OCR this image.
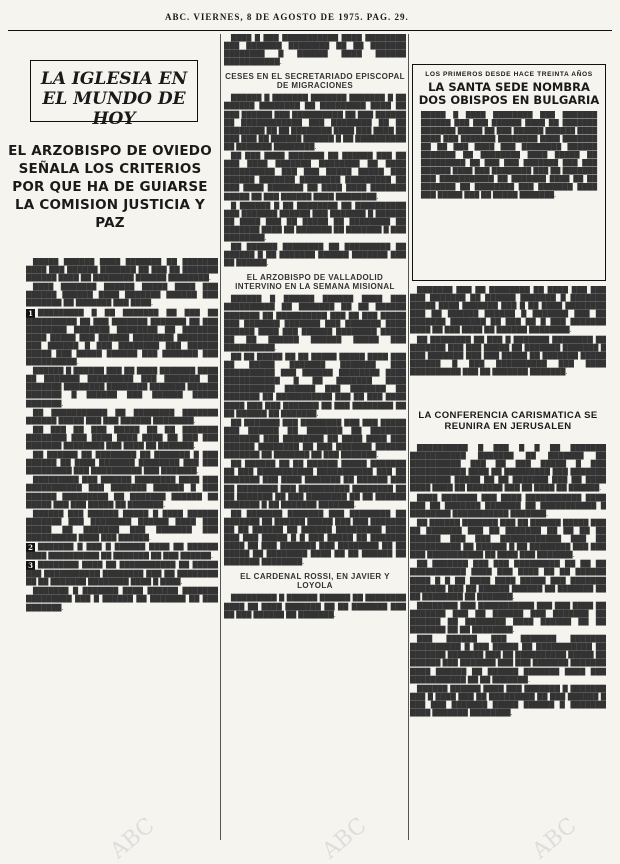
ABC. VIERNES, 8 DE AGOSTO DE 1975. PAG. 29.
LA IGLESIA EN EL MUNDO DE HOY
EL ARZOBISPO DE OVIEDO SEÑALA LOS CRITERIOS POR QUE HA DE GUIARSE LA COMISION JUSTICIA Y PAZ

█████ ██████ ████ ███████ ██ ███████ ████ ███ ██████ ███████ ██ ███ ██ ███████ ██████ ████ ██ ████████ ██████ ████████.

████ ███████ ██████ █████ ████ ███ ██████ ██████ ████ ███████ ██████ ███ ███████ ██ ███████ ███ ████.

1 █████████ █ ██ ███████ ██ ███ ██ ██████████ ██ ███ ███████ ███████ ██ ███ ████████ ███████ ████████ ██ ███████ ████ █████ ███ ██████ ████████ ████████ ███ ██████ █ ███ ████████ ███ ██████ █████ ███ █████ ██████ ███ ███████ ███ ██████████.

██████ █ ██████ ███ ██ ████ ███████ ████ ██ ███████ █████████ ███ ███████ ██ ███████ ████████ ████████ ███████ ██████ ███████ █ ██████ ███ ██████ █████ ███████.

██ ███████████ ██ ████████ ███████ ██████ █████ ███ ███ ██████ ████████.

██ ███ ██ ███ █████ ██ ██ ███████ ████████ ███ ████ ████ ████ ██ ███ ███ ███████ ████████ ███ ████ ██ ███████.

██ ██████ ██ ████████ ██ ███████ █ ███ ██████ ██ ████ ███████ ████████ ███ ███ █████████ ███ ██████████ ███ ███████.

█████████ ███ ██████ ████████ ████ ███ ███████████ ███ ███████ ██████ █ ███ ██████ █████████ ██ ███████ ██████ ██ █████ ███ ███ █████ ██ ███████.

██████ ███ ██████ █████ █ ████ ██████ ███████ ███ ████████ ██████ ████ ███ █████ ██ ███████ ███ ███████ ███ ██████████ ████ ███ ██████.

2 ███████ █ ███ █ ██████ ████ ██ ██████ ████ ██████████ ██ ███████ ██ ███ ██████.

3 ████████ ████ ██ ███████████ ██ █████ ███ ███████████ ████████ ███ ██ ████████ ██ ██ ███████ ████████ ████ █ ████.

███████ █ ███████ ████ ██████ ███████ █████████ ███ █ ██████ ██ ███████ ██ ███ ███████.

████ █ ███ ███████████ ████ ████████ ███ ███████ ████████ ██ ██ ███████ ████████ █ ██████ ████ ██████ ███████████.

CESES EN EL SECRETARIADO EPISCOPAL DE MIGRACIONES

██████ █ ███████ ███████ ███████ █ ██ ██████ ████████ ██ █████████ ████ ██ ███ ██████ ███ ██████████ ██ ███ ██████ ██ ████████████ ███ ████████ ██ ██ ████████ ██ ██ ████████ ████ ███ ████ ██ ███ ███ ██ ██████ ██████ █ ██ ██████████ ██ ███████ ████████.

██ ███ ████ ███████ ██ ██████ ███ ██ ███ ████ ███████ ████████ ██ ████ ██████████ ███ ███ █████ █████ ███ ██████ ███████ ████████ █████████ ██ ███ ████ ███████ ██ ████ ████ ███████ █████ ██ ███ ██████ ████ ████████.

█ ██████ █ ██ ████████ ██ ██████████ ███ ███████ ██████ ███ ███████ █ ██████ ██ ████ ███ ██ █████ ██ ████████ ██ ███████ ████ ██ ███████ ██ ███████ █ ███ ████████.

██ ██████ ████████ ██ █████████ ██ ██████ █ ██ ███████ ██████ ███████ ███ ██ ██████.

EL ARZOBISPO DE VALLADOLID INTERVINO EN LA SEMANA MISIONAL

██████ █ ██████ ██████ ████ ███ ██████████ ██ ███████ ██ ██ ██████ ███████ ██ ██████████ ███ ██ ███ █████ ███ ███████ ███████ ███ ███████ ████ ██████ ████ ███ ██████ ████████ █████ ██ ██ ██████ ██████ █████ ███ ██████████.

██ ██ █████ ██ ██ █████ █████ ████ ███ ██ █████ ███████ ███████ ███ ██████████ ███ ██████ ████████ ████ ███████████ █ ██ ███████ ████ ██████████ ██████ ███ ███████ ██ ███████ ██ ███████████ ███ ██ ███ ████ ████ ███ ███ ███████ ██ ███ ████████ ██ ██ ██████ ██ ███████.

██ ███████ ███ ████████ ███ ███ █████ ███ ██████ ██ ███████ ██ ███████ ███████ ███ ████████ ██ ████ ████ ███ ██████ ████████ ██ ███ ███████ ██████ ███████ ██ ███████ ██ ███ ███████.

██ ██████ ██ ██ ██████ █████ ███████ ██ ███ ███████████ ███████████ ███ ██ ███████ ███ ████ ███████ ██ ██████ ███ ██ ████████ ███ ██████████ ████████ ██ ██ ███████ ██ ███ ████████ ██ ██ ██████ ███████ █ ██ ███████ ███████.

██ ███████ ███████ ███ ████████ ██ ███████ ██ ██████ █████ ███ ███ ███████ ██ ██ ██████ ██ ██████ █████████ ████ ███ ███ █████ █ █ ███ █████ ██ ███████ ████ ██ ███ ███████ ███ ████████ ██ ██ █████ ██ ████████ ████ ██ ██ ██████ ██ ███████ ████████.

EL CARDENAL ROSSI, EN JAVIER Y LOYOLA

█████████ █ ██████ ██████ ██ ████████ ████ ██ ████ ███████ ██ ██ ███████ ███ ██ ███ ██████ ██ ███████.

LOS PRIMEROS DESDE HACE TREINTA AÑOS
LA SANTA SEDE NOMBRA DOS OBISPOS EN BULGARIA
█████ █ ████ ████████ ███ ███████ ██████ ███ ███ ██████ ████ ██ ███████ ███████ █████ ██ ███ ██████ ██████ ████ ████ ███ ███████ ████████ ████ ███████ ██ ██ ███ ████ ███ ████████ ██████ ███████ ██ ████████ ████ █████ ██ █████████ ██ ███ ███ ███████ ███ ███ ██████ ████ ███ ████████ ███ ██ ███████ ███ ███████████ ██ ███████ ████ ██ ██ ███████ ██ ████████ ███ ███████ ████ ███ █████ ███ ██ █████ ███████.

███████ ███ ██ ████████ ██ ████ ███ ███ ███ ███████ ██ ██████ ███████ █ ███████ █████ ████ ███████ ███ █ ██ ████ ████████ ███ ██ ██████ ██████ █ ███████ ███ ██ ███████ ███████ ██ ███ ██ █ ███ ███████ ████ ██ ███ ████ ██ ██████ ████████.

██ ████████ ██ ███ █ ███████ ████████ ██ ███████ ███ ███ █████ ██ ███████ ███████ █ ███ ███████ ███ ███ █████ ██ ███████ █████ ██████ █ ███ ██████████ ███ ████ ██████████ ███ ██ ███████ ███████.

LA CONFERENCIA CARISMATICA SE REUNIRA EN JERUSALEN

██████████ █ ███ █ █ ██ ███████ ███████████ ███████ ██ ███████ ██ ██████████ ███ ██ ███ █████ █ ███ ███████████ ████ ██ █████████ ███ ███████ ████████ █████ ██ ██ ███████ ███ ██ ████ ████ ████ ██ ███████ ███ ██ ████ ██ ██████.

████ ███████ ███ ████ ███████████ ████ ███ ██ ███████ ███████ ██ ███████████ █ ████████ ███████████ ███████.

██ ██████ ███████ ███ ██ ██████ █████ ███ ██ ███████ ███ ██ ███████ ██ ██ ██ ██ ██████ ███ ███ ████████████ ███ ██ ██████████ ██ ██████ █ ██ ████████ ███ ███ ███ ███████████ ██ ████ ███ ███████.

██ ███████ ███ ███ █████████ ██ ██ ██ ███████████ ████ ███ ████ ██ ██ ██████ ████ █ █ ██ ████ ████ █████ ███ ███████ ███████ ███ ██ ██████ ██████ ██ ███████ ██ ██ ████████ ██ ███████.

████████ ███ ███████████ ███ ███ ████ ██ ███████ ███ ██ ██████ ███ ███████ ██ ██████ ██ ████████ ████ ██████ ██ ██ ███████ ██ ██ ████████.

███ ██████ ███ ███████ ███████ ██████████ █ ███ █████ ██ ███████████ ██ ███████ ███████ ███ ██ ██████████ █████ ██ ██████ ███ ███████ ███ ███ ███████ ███████ ████ ██████ ██ ██████ ███████ ████ ███ ███████████ ██ ██ ███████.

██████ ██████ ████ ███ ███████ █ ███████ ███ █ ████ ███ ██ █████████ ██ ███ ██████ █ ███ ███ ███████ █████ ██████ █ ███████ ████ ███████ ████████.

ABC	ABC	ABC
